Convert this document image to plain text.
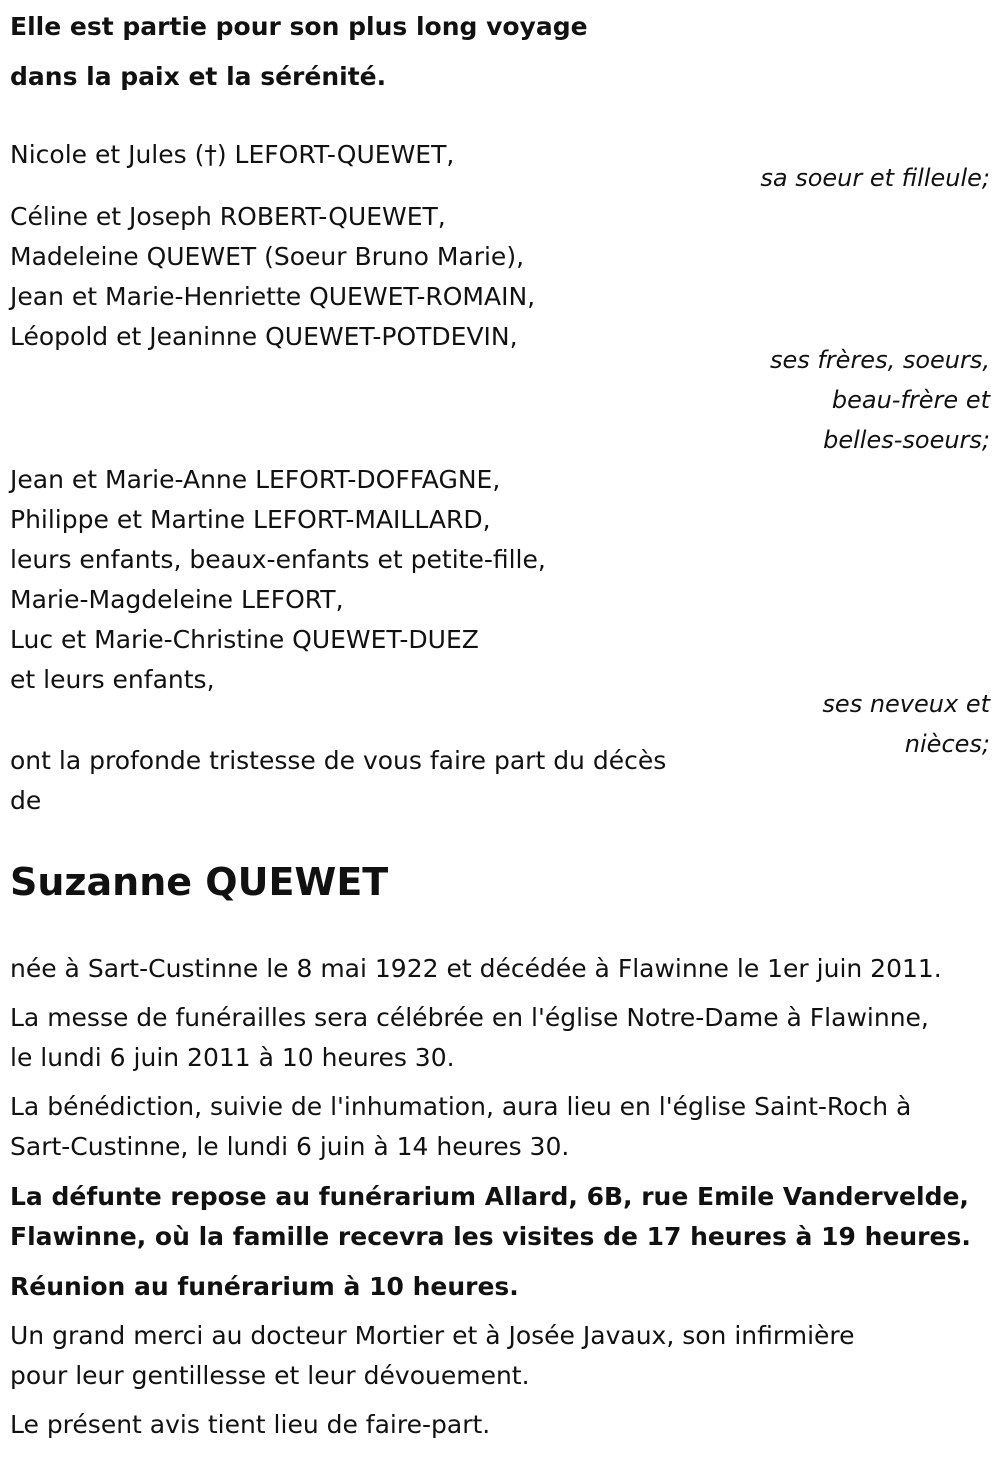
Elle est partie pour son plus long voyage
dans la paix et la sérénité.
Nicole et Jules (†) LEFORT-QUEWET,
sa soeur et filleule;
Céline et Joseph ROBERT-QUEWET,
Madeleine QUEWET (Soeur Bruno Marie),
Jean et Marie-Henriette QUEWET-ROMAIN,
Léopold et Jeaninne QUEWET-POTDEVIN,
ses frères, soeurs,
beau-frère et
belles-soeurs;
Jean et Marie-Anne LEFORT-DOFFAGNE,
Philippe et Martine LEFORT-MAILLARD,
leurs enfants, beaux-enfants et petite-fille,
Marie-Magdeleine LEFORT,
Luc et Marie-Christine QUEWET-DUEZ
et leurs enfants,
ses neveux et
nièces;
ont la profonde tristesse de vous faire part du décès
de
Suzanne QUEWET
née à Sart-Custinne le 8 mai 1922 et décédée à Flawinne le 1er juin 2011.
La messe de funérailles sera célébrée en l'église Notre-Dame à Flawinne,
le lundi 6 juin 2011 à 10 heures 30.
La bénédiction, suivie de l'inhumation, aura lieu en l'église Saint-Roch à
Sart-Custinne, le lundi 6 juin à 14 heures 30.
La défunte repose au funérarium Allard, 6B, rue Emile Vandervelde,
Flawinne, où la famille recevra les visites de 17 heures à 19 heures.
Réunion au funérarium à 10 heures.
Un grand merci au docteur Mortier et à Josée Javaux, son infirmière
pour leur gentillesse et leur dévouement.
Le présent avis tient lieu de faire-part.
